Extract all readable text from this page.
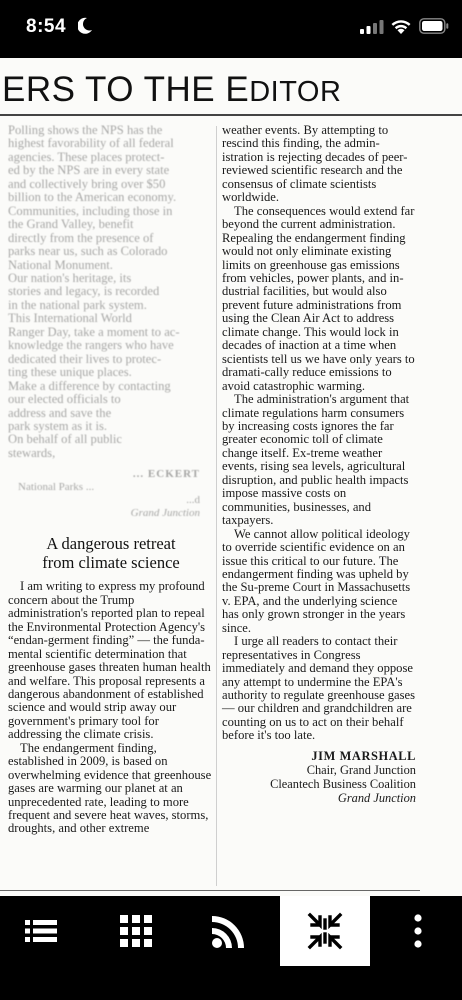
8:54
ERS TO THE EDITOR
Polling shows the NPS has the
highest favorability of all federal
agencies. These places protect-
ed by the NPS are in every state
and collectively bring over $50
billion to the American economy.
Communities, including those in
the Grand Valley, benefit
directly from the presence of
parks near us, such as Colorado
National Monument.
Our nation's heritage, its
stories and legacy, is recorded
in the national park system.
This International World
Ranger Day, take a moment to ac-
knowledge the rangers who have
dedicated their lives to protec-
ting these unique places.
Make a difference by contacting
our elected officials to
address and save the
park system as it is.
On behalf of all public
stewards,
... ECKERT
National Parks ...
...d
Grand Junction
A dangerous retreat
from climate science

I am writing to express my profound concern about the Trump administration's reported plan to repeal the Environmental Protection Agency's “endan-germent finding” — the funda-mental scientific determination that greenhouse gases threaten human health and welfare. This proposal represents a dangerous abandonment of established science and would strip away our government's primary tool for addressing the climate crisis.

The endangerment finding, established in 2009, is based on overwhelming evidence that greenhouse gases are warming our planet at an unprecedented rate, leading to more frequent and severe heat waves, storms, droughts, and other extreme

weather events. By attempting to rescind this finding, the admin-istration is rejecting decades of peer-reviewed scientific research and the consensus of climate scientists worldwide.

The consequences would extend far beyond the current administration. Repealing the endangerment finding would not only eliminate existing limits on greenhouse gas emissions from vehicles, power plants, and in-dustrial facilities, but would also prevent future administrations from using the Clean Air Act to address climate change. This would lock in decades of inaction at a time when scientists tell us we have only years to dramati-cally reduce emissions to avoid catastrophic warming.

The administration's argument that climate regulations harm consumers by increasing costs ignores the far greater economic toll of climate change itself. Ex-treme weather events, rising sea levels, agricultural disruption, and public health impacts impose massive costs on communities, businesses, and taxpayers.

We cannot allow political ideology to override scientific evidence on an issue this critical to our future. The endangerment finding was upheld by the Su-preme Court in Massachusetts v. EPA, and the underlying science has only grown stronger in the years since.

I urge all readers to contact their representatives in Congress immediately and demand they oppose any attempt to undermine the EPA's authority to regulate greenhouse gases — our children and grandchildren are counting on us to act on their behalf before it's too late.

JIM MARSHALL
Chair, Grand Junction
Cleantech Business Coalition
Grand Junction
